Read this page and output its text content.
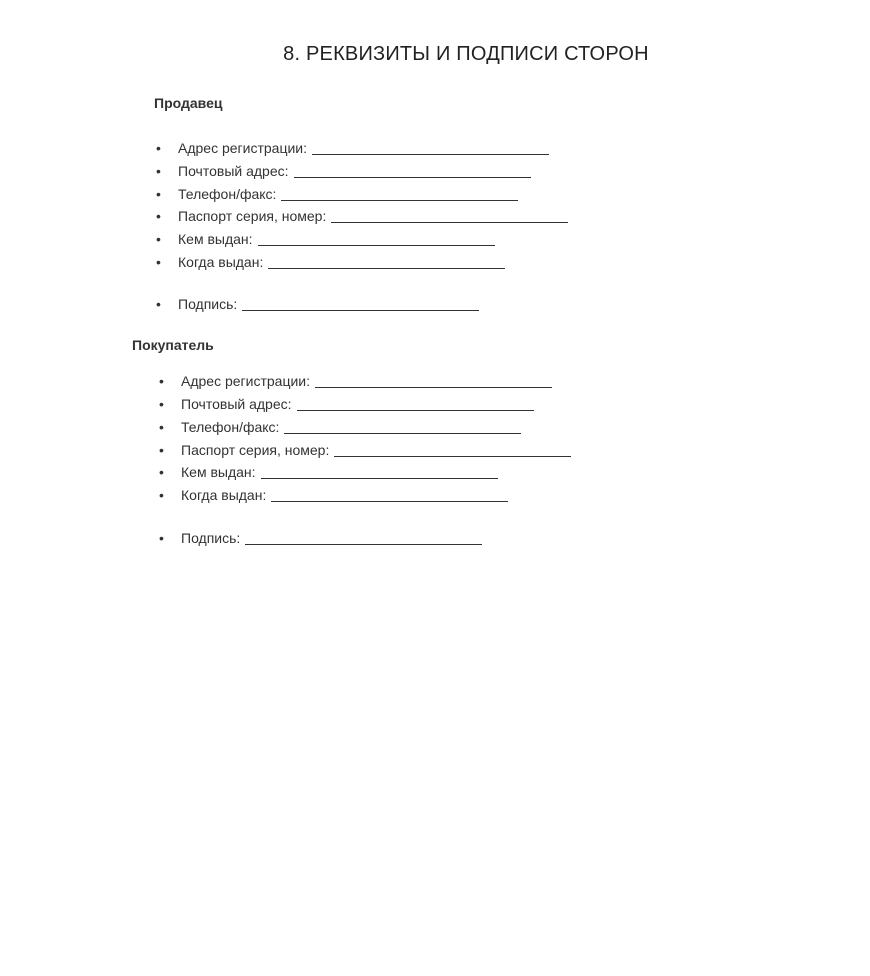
8. РЕКВИЗИТЫ И ПОДПИСИ СТОРОН
Продавец
•	Адрес регистрации:
•	Почтовый адрес:
•	Телефон/факс:
•	Паспорт серия, номер:
•	Кем выдан:
•	Когда выдан:
•	Подпись:
Покупатель
•	Адрес регистрации:
•	Почтовый адрес:
•	Телефон/факс:
•	Паспорт серия, номер:
•	Кем выдан:
•	Когда выдан:
•	Подпись:
